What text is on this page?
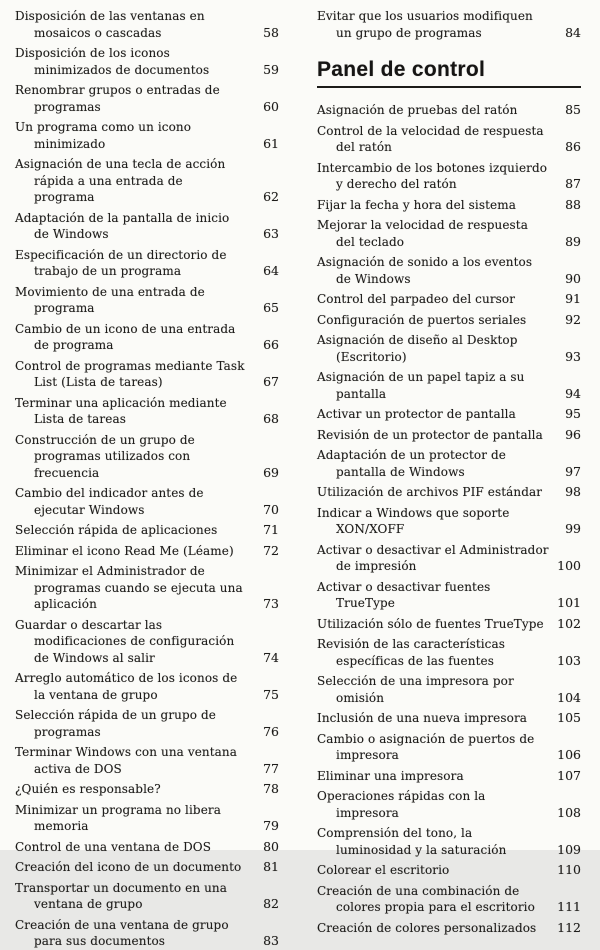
Disposición de las ventanas en mosaicos o cascadas	58
Disposición de los iconos minimizados de documentos	59
Renombrar grupos o entradas de programas	60
Un programa como un icono minimizado	61
Asignación de una tecla de acción rápida a una entrada de programa	62
Adaptación de la pantalla de inicio de Windows	63
Especificación de un directorio de trabajo de un programa	64
Movimiento de una entrada de programa	65
Cambio de un icono de una entrada de programa	66
Control de programas mediante Task List (Lista de tareas)	67
Terminar una aplicación mediante Lista de tareas	68
Construcción de un grupo de programas utilizados con frecuencia	69
Cambio del indicador antes de ejecutar Windows	70
Selección rápida de aplicaciones	71
Eliminar el icono Read Me (Léame)	72
Minimizar el Administrador de programas cuando se ejecuta una aplicación	73
Guardar o descartar las modificaciones de configuración de Windows al salir	74
Arreglo automático de los iconos de la ventana de grupo	75
Selección rápida de un grupo de programas	76
Terminar Windows con una ventana activa de DOS	77
¿Quién es responsable?	78
Minimizar un programa no libera memoria	79
Control de una ventana de DOS	80
Creación del icono de un documento	81
Transportar un documento en una ventana de grupo	82
Creación de una ventana de grupo para sus documentos	83
Evitar que los usuarios modifiquen un grupo de programas	84
Panel de control
Asignación de pruebas del ratón	85
Control de la velocidad de respuesta del ratón	86
Intercambio de los botones izquierdo y derecho del ratón	87
Fijar la fecha y hora del sistema	88
Mejorar la velocidad de respuesta del teclado	89
Asignación de sonido a los eventos de Windows	90
Control del parpadeo del cursor	91
Configuración de puertos seriales	92
Asignación de diseño al Desktop (Escritorio)	93
Asignación de un papel tapiz a su pantalla	94
Activar un protector de pantalla	95
Revisión de un protector de pantalla	96
Adaptación de un protector de pantalla de Windows	97
Utilización de archivos PIF estándar	98
Indicar a Windows que soporte XON/XOFF	99
Activar o desactivar el Administrador de impresión	100
Activar o desactivar fuentes TrueType	101
Utilización sólo de fuentes TrueType	102
Revisión de las características específicas de las fuentes	103
Selección de una impresora por omisión	104
Inclusión de una nueva impresora	105
Cambio o asignación de puertos de impresora	106
Eliminar una impresora	107
Operaciones rápidas con la impresora	108
Comprensión del tono, la luminosidad y la saturación	109
Colorear el escritorio	110
Creación de una combinación de colores propia para el escritorio	111
Creación de colores personalizados	112
